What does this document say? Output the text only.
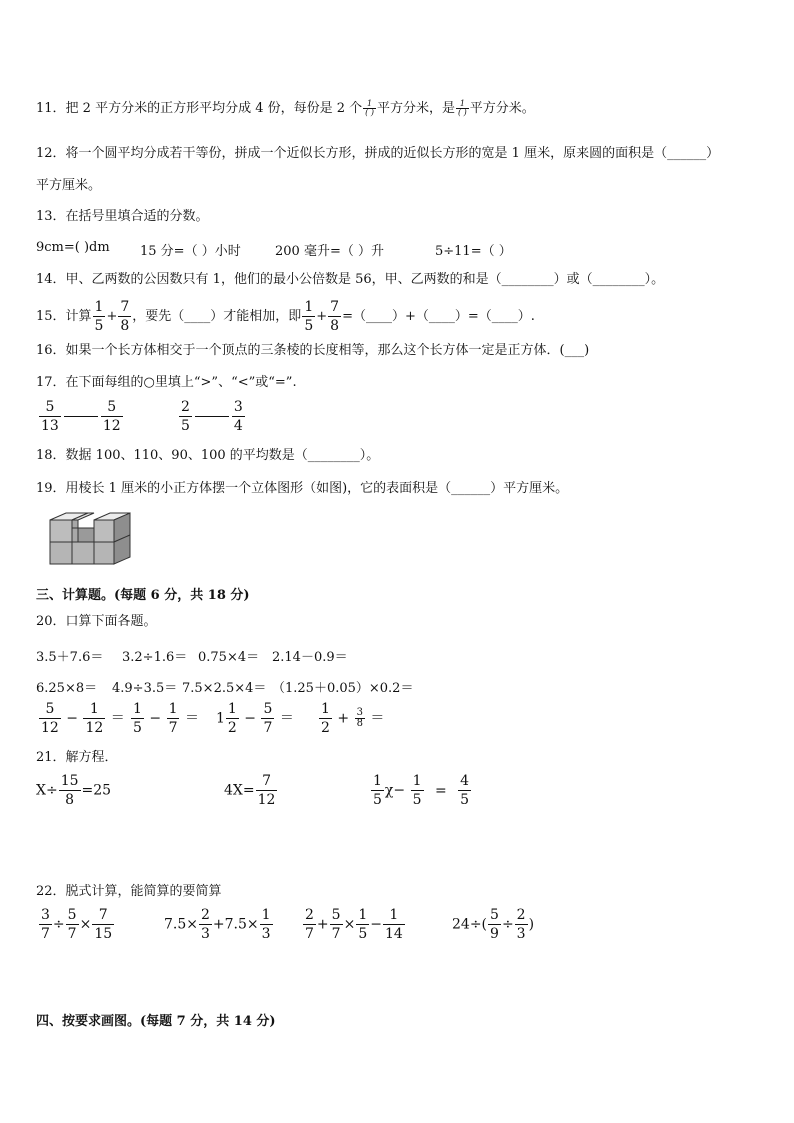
11．把 2 平方分米的正方形平均分成 4 份，每份是 2 个 $\frac{1}{( )}$ 平方分米，是 $\frac{1}{( )}$ 平方分米。
12．将一个圆平均分成若干等份，拼成一个近似长方形，拼成的近似长方形的宽是 1 厘米，原来圆的面积是（______）
平方厘米。
13．在括号里填合适的分数。
9cm=( )dm 15 分=（ ）小时	200 毫升=（ ）升	5÷11=（ ）
14．甲、乙两数的公因数只有 1，他们的最小公倍数是 56，甲、乙两数的和是（________）或（________）。
15．计算 $\frac{1}{5} + \frac{7}{8}$ ，要先（____）才能相加，即 $\frac{1}{5} + \frac{7}{8}$ =（____）+（____）=（____）.
16．如果一个长方体相交于一个顶点的三条棱的长度相等，那么这个长方体一定是正方体．(___)
17．在下面每组的○里填上“>”、“<”或“=”.
$\frac{5}{13}$	$\frac{5}{12}$	$\frac{2}{5}$	$\frac{3}{4}$
18．数据 100、110、90、100 的平均数是（________）。
19．用棱长 1 厘米的小正方体摆一个立体图形（如图)，它的表面积是（______）平方厘米。
三、计算题。(每题 6 分，共 18 分)
20．口算下面各题。
3.5＋7.6＝ 3.2÷1.6＝ 0.75×4＝ 2.14－0.9＝
6.25×8＝ 4.9÷3.5＝ 7.5×2.5×4＝ （1.25＋0.05）×0.2＝
$\frac{5}{12} - \frac{1}{12} = \frac{1}{5} - \frac{1}{7} = 1 \frac{1}{2} - \frac{5}{7} = \frac{1}{2} + \frac{3}{8}$ ＝
21．解方程．
$X\div \frac{15}{8} =25$	$4X= \frac{7}{12}$	$\frac{1}{5} \chi- \frac{1}{5} = \frac{4}{5}$
22．脱式计算，能简算的要简算
$\frac{3}{7} \div \frac{5}{7} \times \frac{7}{15}$	$7.5\times \frac{2}{3} +7.5\times \frac{1}{3} \frac{2}{7} + \frac{5}{7} \times \frac{1}{5} - \frac{1}{14}$	$24\div( \frac{5}{9} \div \frac{2}{3}$ )
四、按要求画图。(每题 7 分，共 14 分)
